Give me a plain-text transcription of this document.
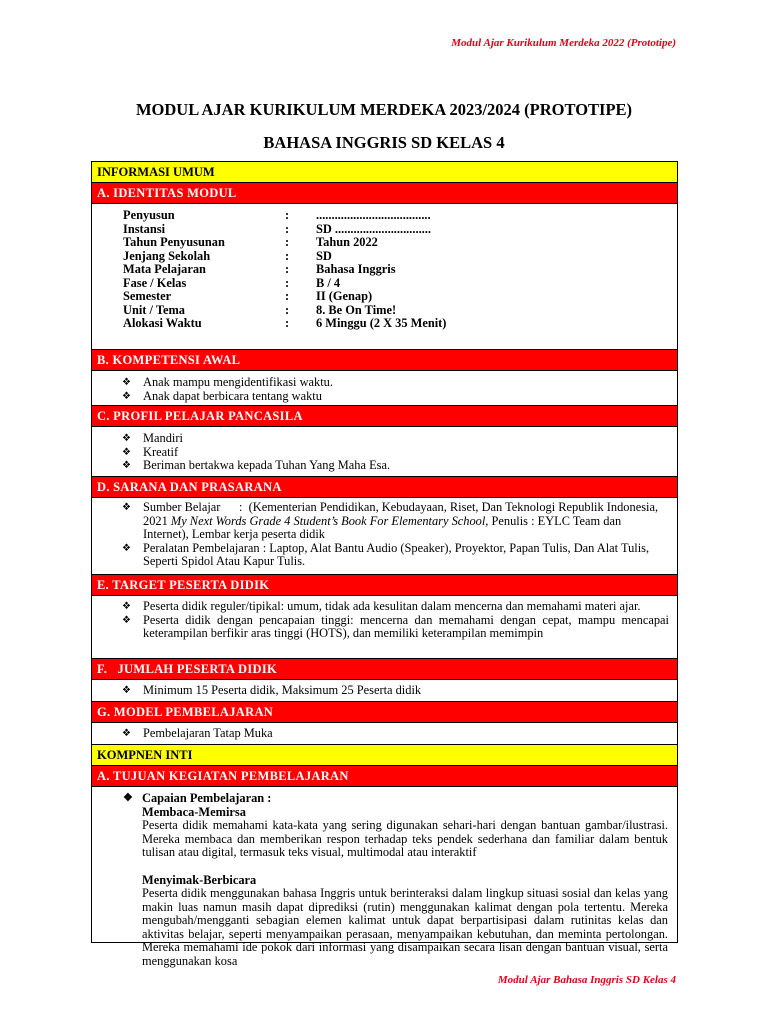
Modul Ajar Kurikulum Merdeka 2022 (Prototipe)
MODUL AJAR KURIKULUM MERDEKA 2023/2024 (PROTOTIPE)
BAHASA INGGRIS SD KELAS 4
INFORMASI UMUM
A. IDENTITAS MODUL
Penyusun	:	.....................................
Instansi	:	SD ...............................
Tahun Penyusunan	:	Tahun 2022
Jenjang Sekolah	:	SD
Mata Pelajaran	:	Bahasa Inggris
Fase / Kelas	:	B / 4
Semester	:	II (Genap)
Unit / Tema	:	8. Be On Time!
Alokasi Waktu	:	6 Minggu (2 X 35 Menit)
B. KOMPETENSI AWAL
❖ Anak mampu mengidentifikasi waktu.
❖ Anak dapat berbicara tentang waktu
C. PROFIL PELAJAR PANCASILA
❖ Mandiri
❖ Kreatif
❖ Beriman bertakwa kepada Tuhan Yang Maha Esa.
D. SARANA DAN PRASARANA
❖ Sumber Belajar      :  (Kementerian Pendidikan, Kebudayaan, Riset, Dan Teknologi Republik Indonesia, 2021 My Next Words Grade 4 Student’s Book For Elementary School, Penulis : EYLC Team dan Internet), Lembar kerja peserta didik
❖ Peralatan Pembelajaran : Laptop, Alat Bantu Audio (Speaker), Proyektor, Papan Tulis, Dan Alat Tulis, Seperti Spidol Atau Kapur Tulis.
E. TARGET PESERTA DIDIK
❖ Peserta didik reguler/tipikal: umum, tidak ada kesulitan dalam mencerna dan memahami materi ajar.
❖ Peserta didik dengan pencapaian tinggi: mencerna dan memahami dengan cepat, mampu mencapai keterampilan berfikir aras tinggi (HOTS), dan memiliki keterampilan memimpin
F.   JUMLAH PESERTA DIDIK
❖ Minimum 15 Peserta didik, Maksimum 25 Peserta didik
G. MODEL PEMBELAJARAN
❖ Pembelajaran Tatap Muka
KOMPNEN INTI
A. TUJUAN KEGIATAN PEMBELAJARAN
❖ Capaian Pembelajaran :
Membaca-Memirsa

Peserta didik memahami kata-kata yang sering digunakan sehari-hari dengan bantuan gambar/ilustrasi. Mereka membaca dan memberikan respon terhadap teks pendek sederhana dan familiar dalam bentuk tulisan atau digital, termasuk teks visual, multimodal atau interaktif

Menyimak-Berbicara

Peserta didik menggunakan bahasa Inggris untuk berinteraksi dalam lingkup situasi sosial dan kelas yang makin luas namun masih dapat diprediksi (rutin) menggunakan kalimat dengan pola tertentu. Mereka mengubah/mengganti sebagian elemen kalimat untuk dapat berpartisipasi dalam rutinitas kelas dan aktivitas belajar, seperti menyampaikan perasaan, menyampaikan kebutuhan, dan meminta pertolongan. Mereka memahami ide pokok dari informasi yang disampaikan secara lisan dengan bantuan visual, serta menggunakan kosa

Modul Ajar Bahasa Inggris SD Kelas 4
